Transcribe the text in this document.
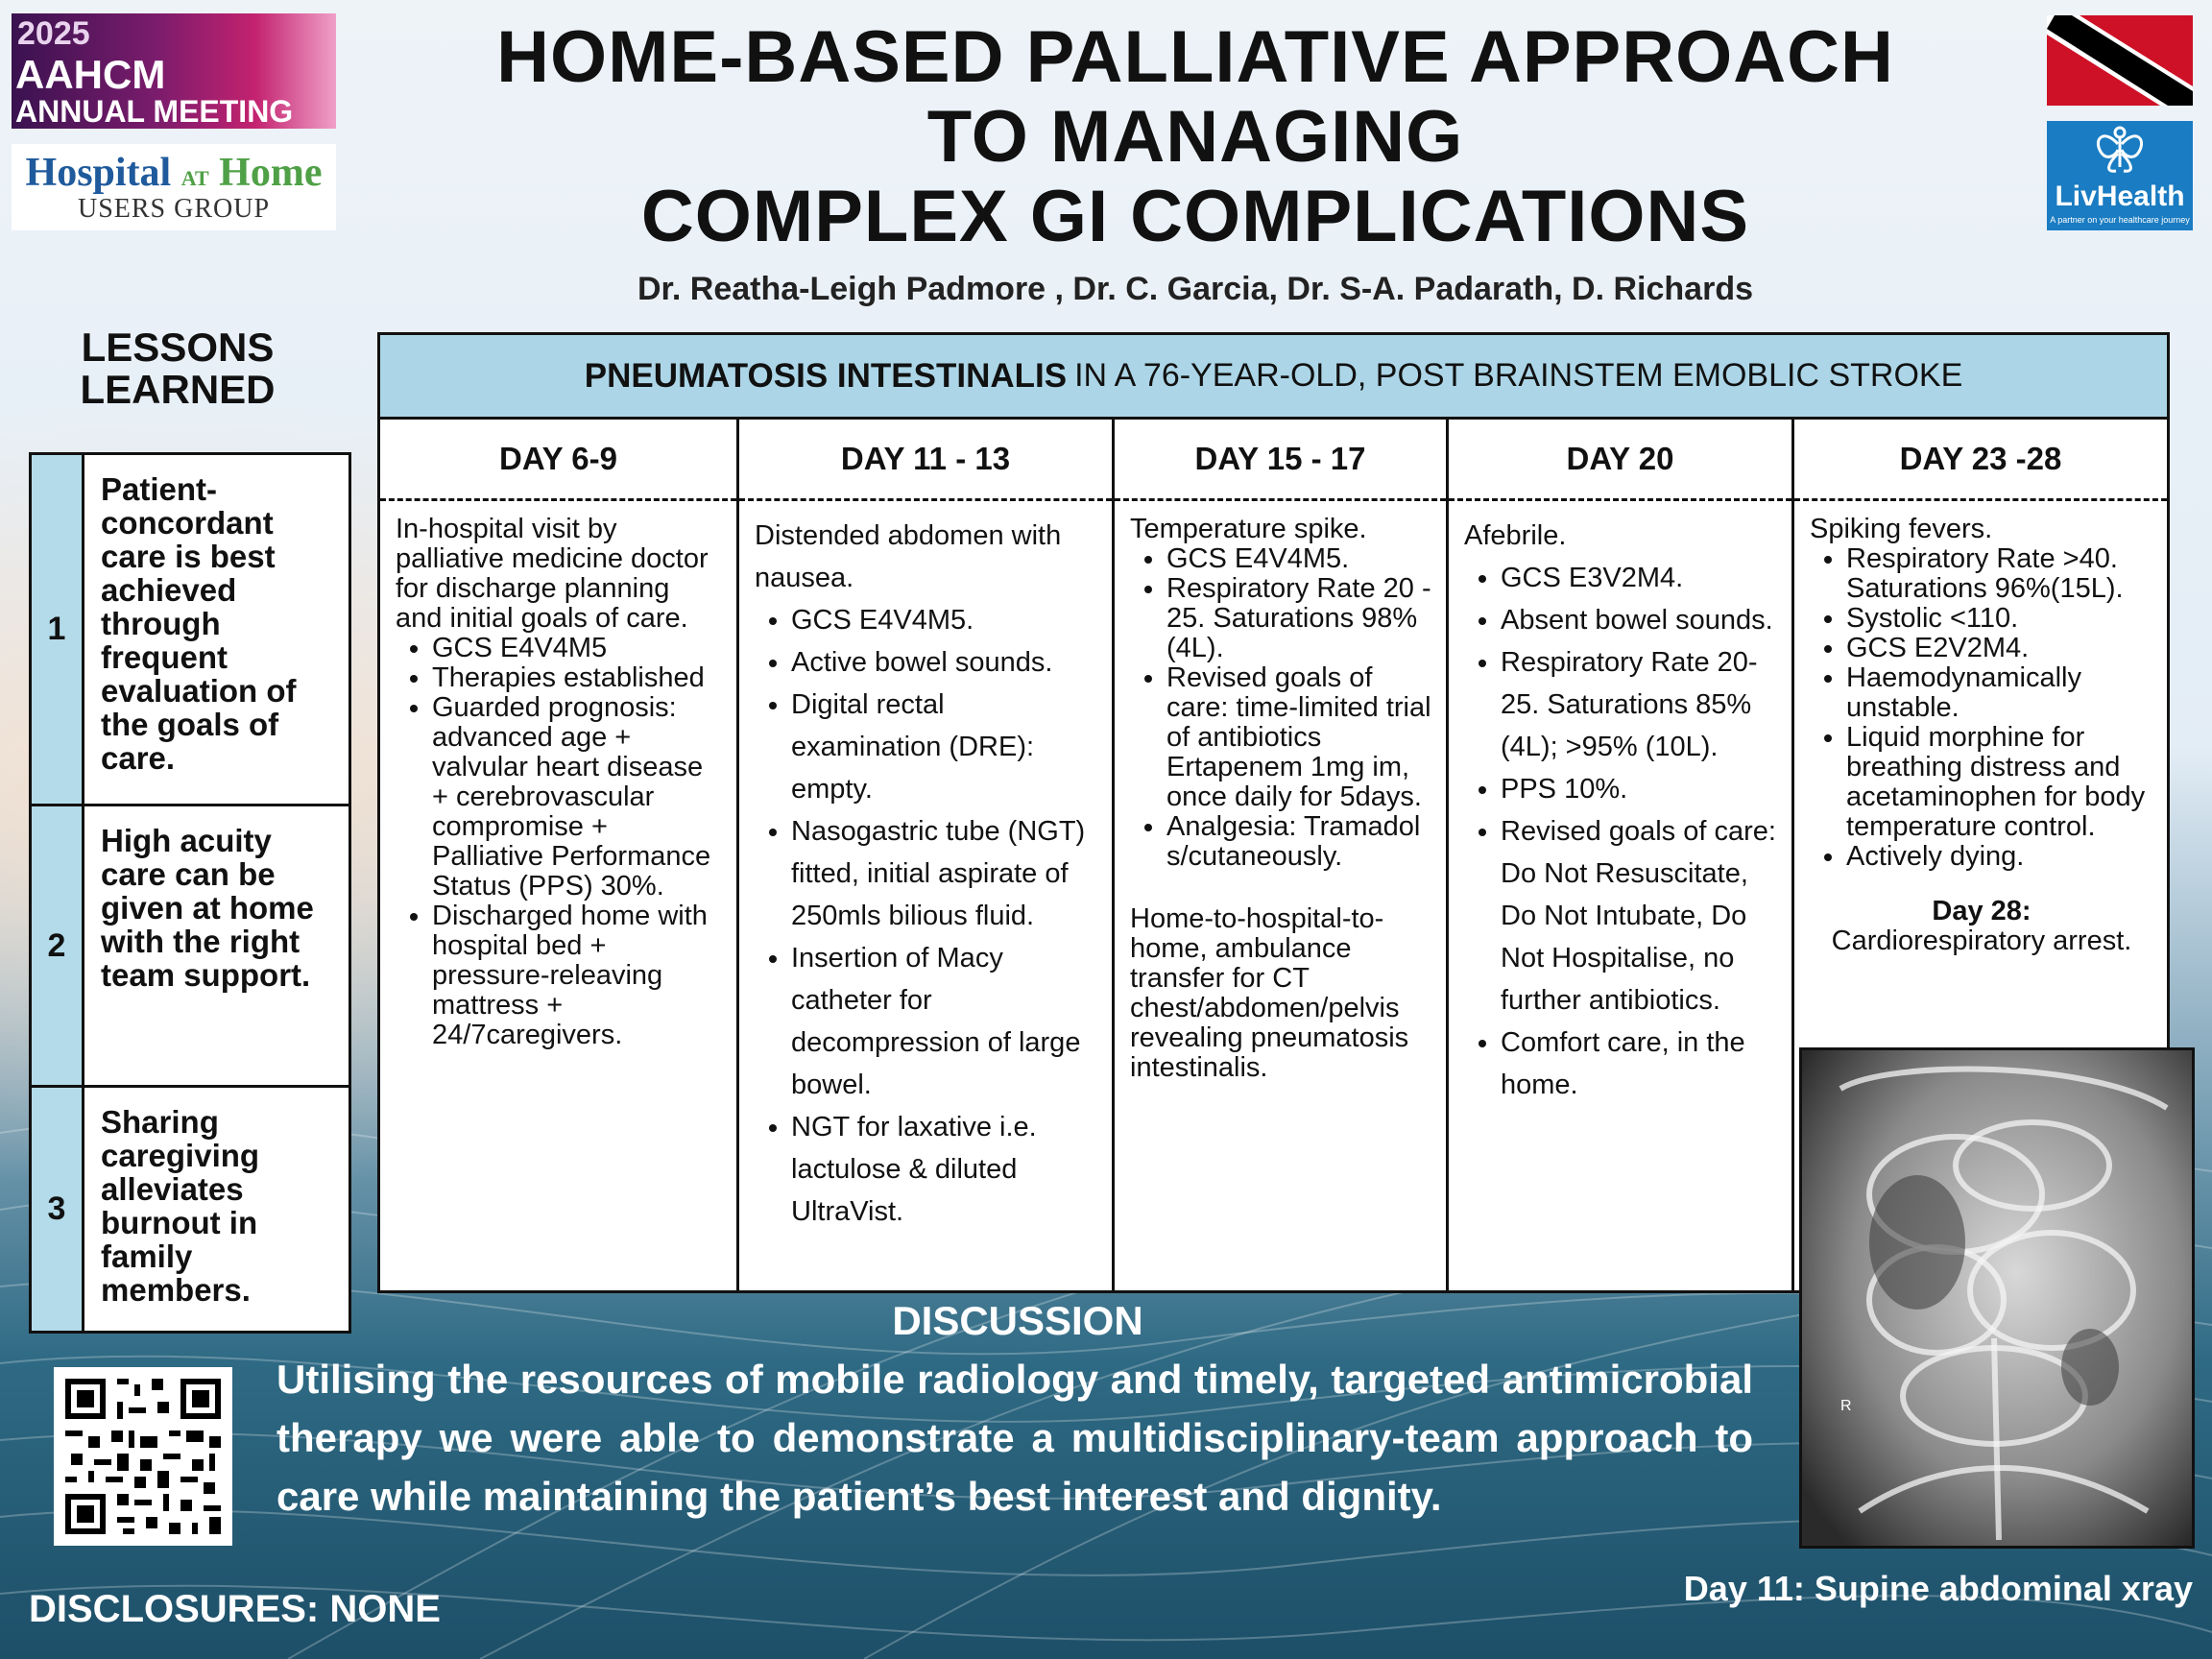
2025
AAHCM
ANNUAL MEETING
Hospital AT Home
USERS GROUP	LivHealth
A partner on your healthcare journey
HOME-BASED PALLIATIVE APPROACH
TO MANAGING
COMPLEX GI COMPLICATIONS
Dr. Reatha-Leigh Padmore , Dr. C. Garcia, Dr. S-A. Padarath, D. Richards
LESSONS
LEARNED
1
Patient-concordant care is best achieved through frequent evaluation of the goals of care.
2
High acuity care can be given at home with the right team support.
3
Sharing caregiving alleviates burnout in family members.
PNEUMATOSIS INTESTINALIS IN A 76-YEAR-OLD, POST BRAINSTEM EMOBLIC STROKE
DAY 6-9
In-hospital visit by palliative medicine doctor for discharge planning and initial goals of care.
• GCS E4V4M5
• Therapies established
• Guarded prognosis: advanced age + valvular heart disease + cerebrovascular compromise + Palliative Performance Status (PPS) 30%.
• Discharged home with hospital bed + pressure-releaving mattress + 24/7caregivers.
DAY 11 - 13
Distended abdomen with nausea.
• GCS E4V4M5.
• Active bowel sounds.
• Digital rectal examination (DRE): empty.
• Nasogastric tube (NGT) fitted, initial aspirate of 250mls bilious fluid.
• Insertion of Macy catheter for decompression of large bowel.
• NGT for laxative i.e. lactulose & diluted UltraVist.
DAY 15 - 17
Temperature spike.
• GCS E4V4M5.
• Respiratory Rate 20 - 25. Saturations 98% (4L).
• Revised goals of care: time-limited trial of antibiotics Ertapenem 1mg im, once daily for 5days.
• Analgesia: Tramadol s/cutaneously.
Home-to-hospital-to-home, ambulance transfer for CT chest/abdomen/pelvis revealing pneumatosis intestinalis.
DAY 20
Afebrile.
• GCS E3V2M4.
• Absent bowel sounds.
• Respiratory Rate 20-25. Saturations 85%(4L); >95% (10L).
• PPS 10%.
• Revised goals of care: Do Not Resuscitate, Do Not Intubate, Do Not Hospitalise, no further antibiotics.
• Comfort care, in the home.
DAY 23 -28
Spiking fevers.
• Respiratory Rate >40. Saturations 96%(15L).
• Systolic <110.
• GCS E2V2M4.
• Haemodynamically unstable.
• Liquid morphine for breathing distress and acetaminophen for body temperature control.
• Actively dying.
Day 28:
Cardiorespiratory arrest.
R
DISCUSSION
Utilising the resources of mobile radiology and timely, targeted antimicrobial therapy we were able to demonstrate a multidisciplinary-team approach to care while maintaining the patient’s best interest and dignity.
DISCLOSURES: NONE	Day 11: Supine abdominal xray
